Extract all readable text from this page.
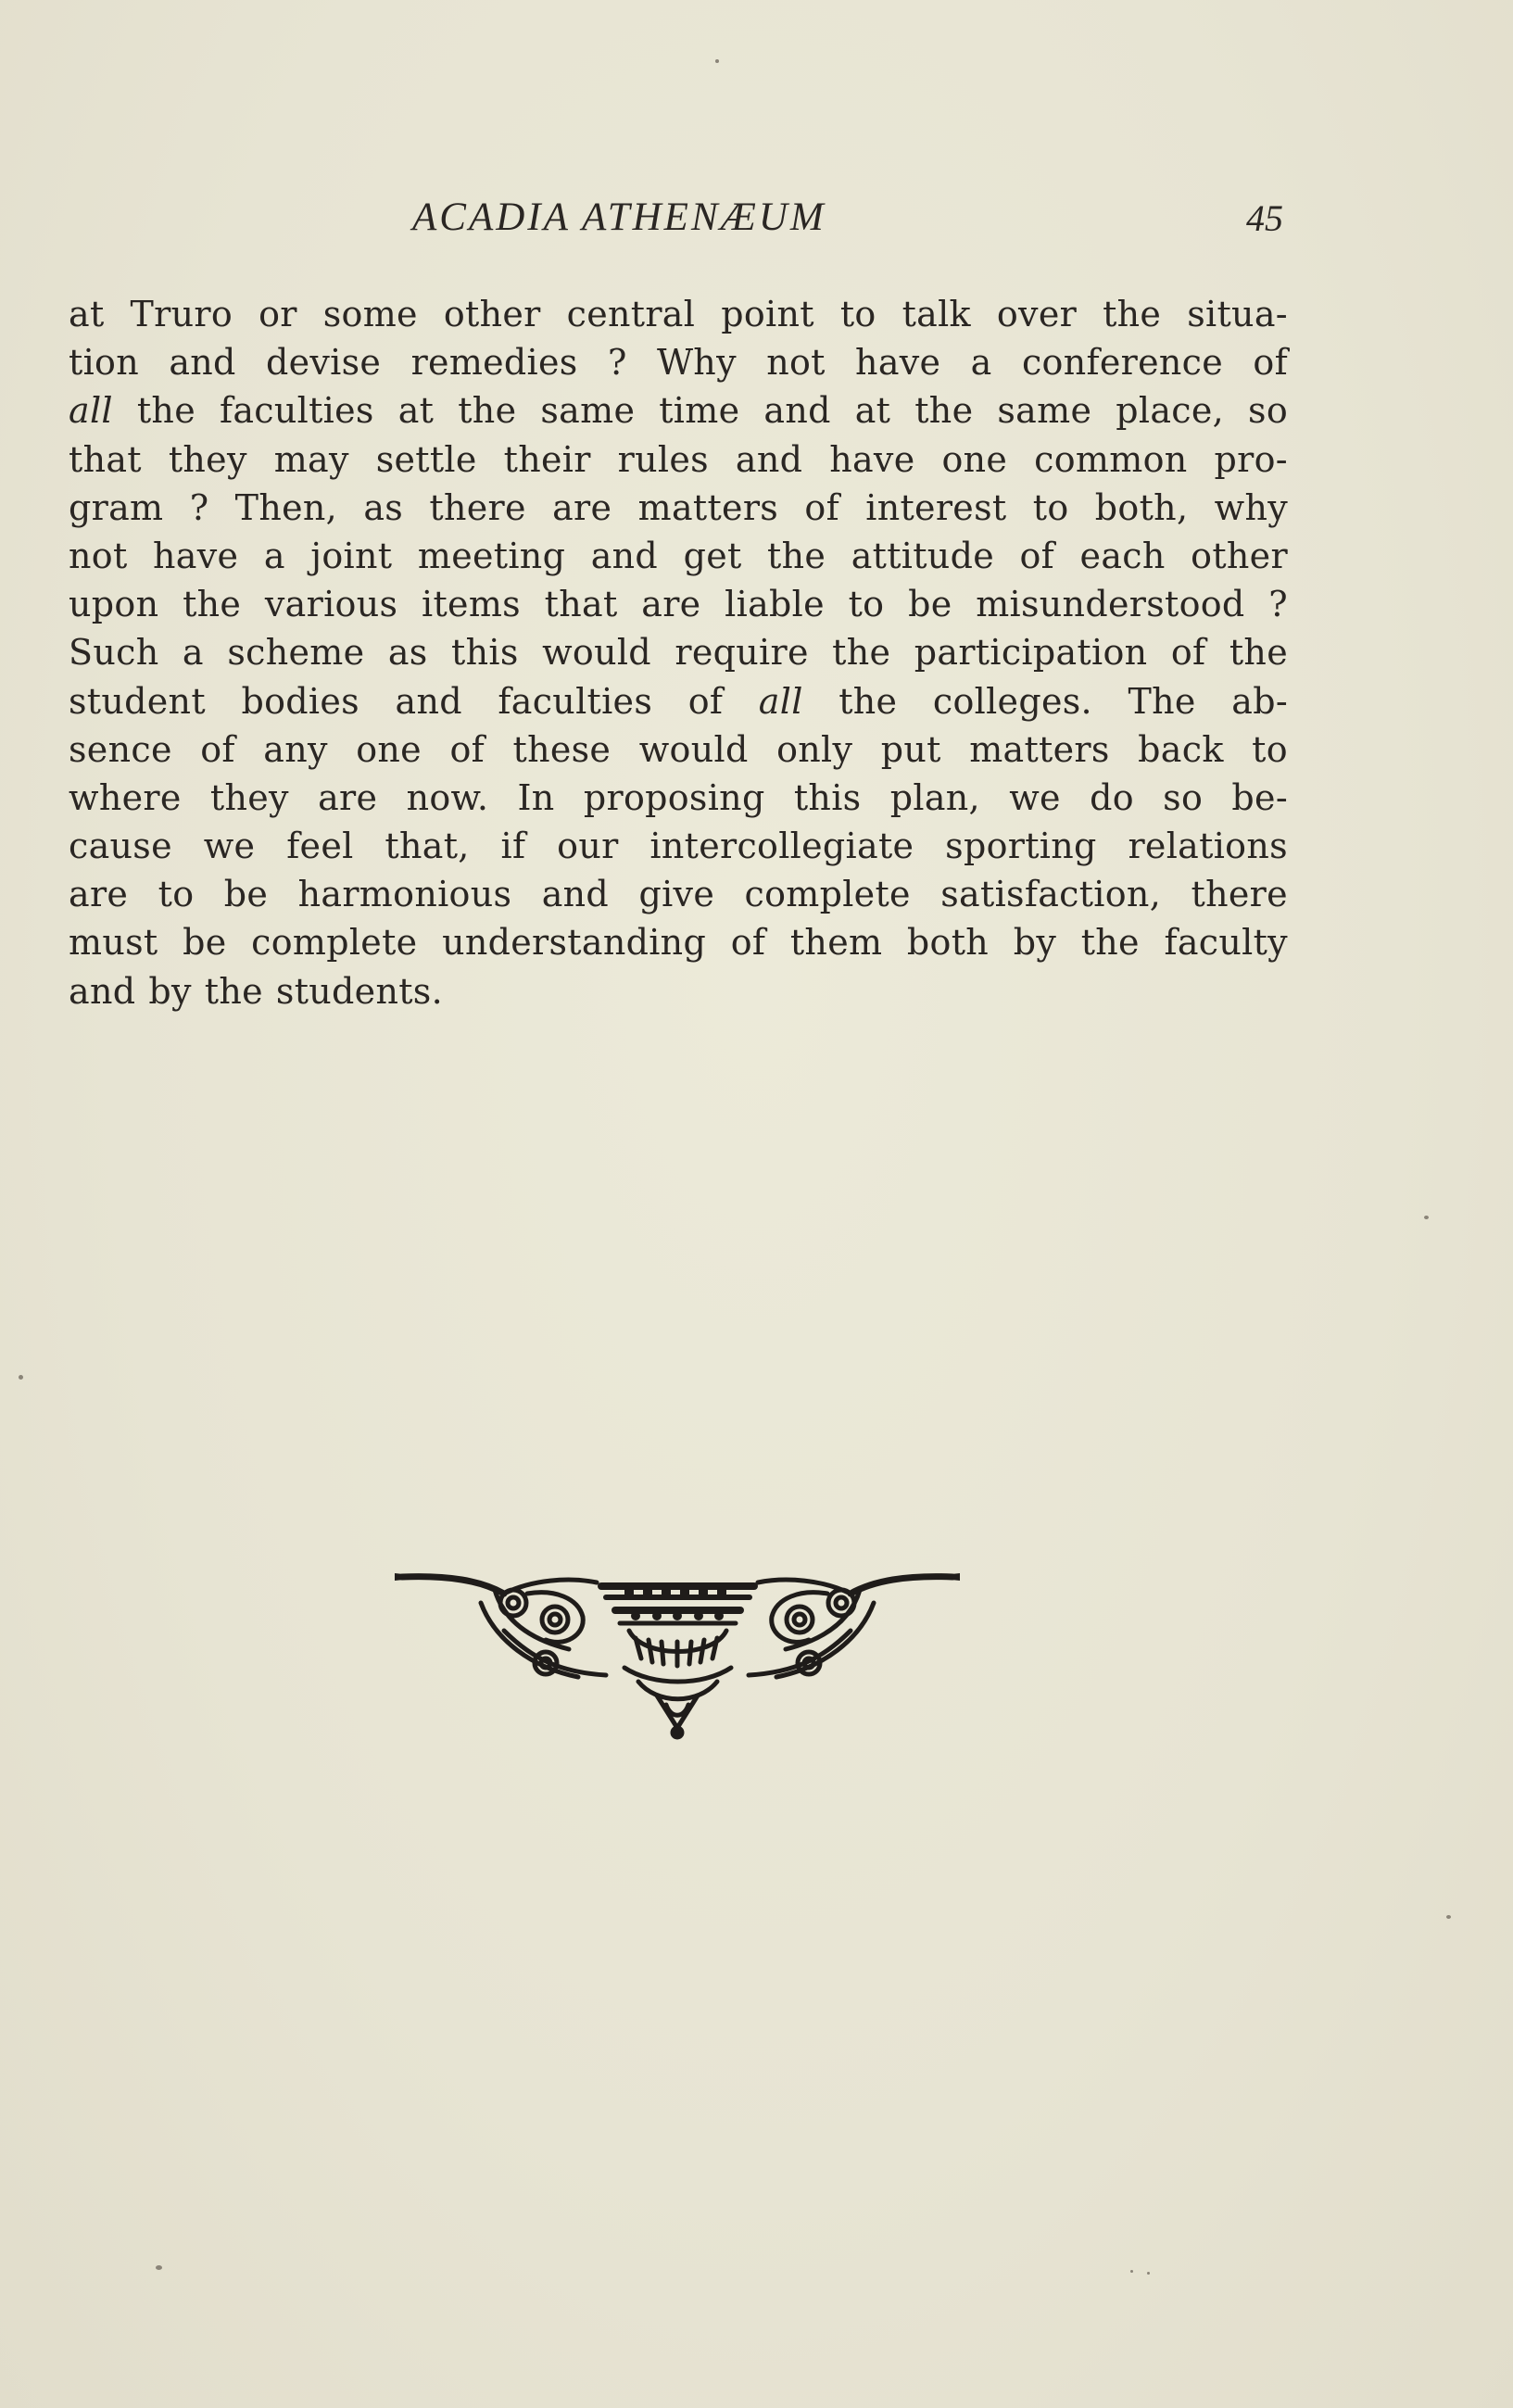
ACADIA ATHENÆUM	45
at Truro or some other central point to talk over the situa-
tion and devise remedies ? Why not have a conference of
all the faculties at the same time and at the same place, so
that they may settle their rules and have one common pro-
gram ? Then, as there are matters of interest to both, why
not have a joint meeting and get the attitude of each other
upon the various items that are liable to be misunderstood ?
Such a scheme as this would require the participation of the
student bodies and faculties of all the colleges. The ab-
sence of any one of these would only put matters back to
where they are now. In proposing this plan, we do so be-
cause we feel that, if our intercollegiate sporting relations
are to be harmonious and give complete satisfaction, there
must be complete understanding of them both by the faculty
and by the students.
